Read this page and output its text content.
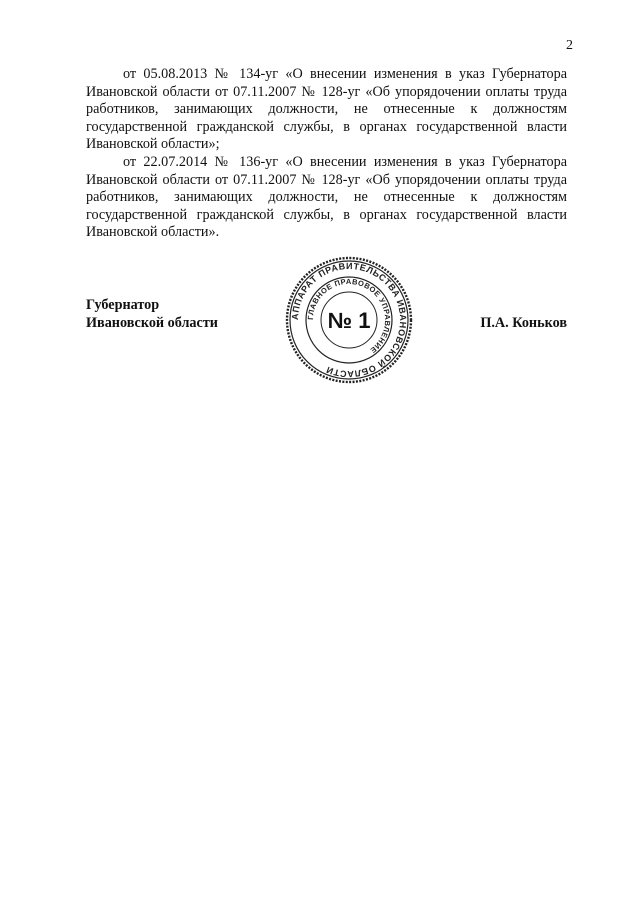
2

от 05.08.2013 № 134-уг «О внесении изменения в указ Губернатора Ивановской области от 07.11.2007 № 128-уг «Об упорядочении оплаты труда работников, занимающих должности, не отнесенные к должностям государственной гражданской службы, в органах государственной власти Ивановской области»;

от 22.07.2014 № 136-уг «О внесении изменения в указ Губернатора Ивановской области от 07.11.2007 № 128-уг «Об упорядочении оплаты труда работников, занимающих должности, не отнесенные к должностям государственной гражданской службы, в органах государственной власти Ивановской области».

Губернатор
Ивановской области	П.А. Коньков
АППАРАТ ПРАВИТЕЛЬСТВА ИВАНОВСКОЙ ОБЛАСТИ
ГЛАВНОЕ ПРАВОВОЕ УПРАВЛЕНИЕ
№ 1
